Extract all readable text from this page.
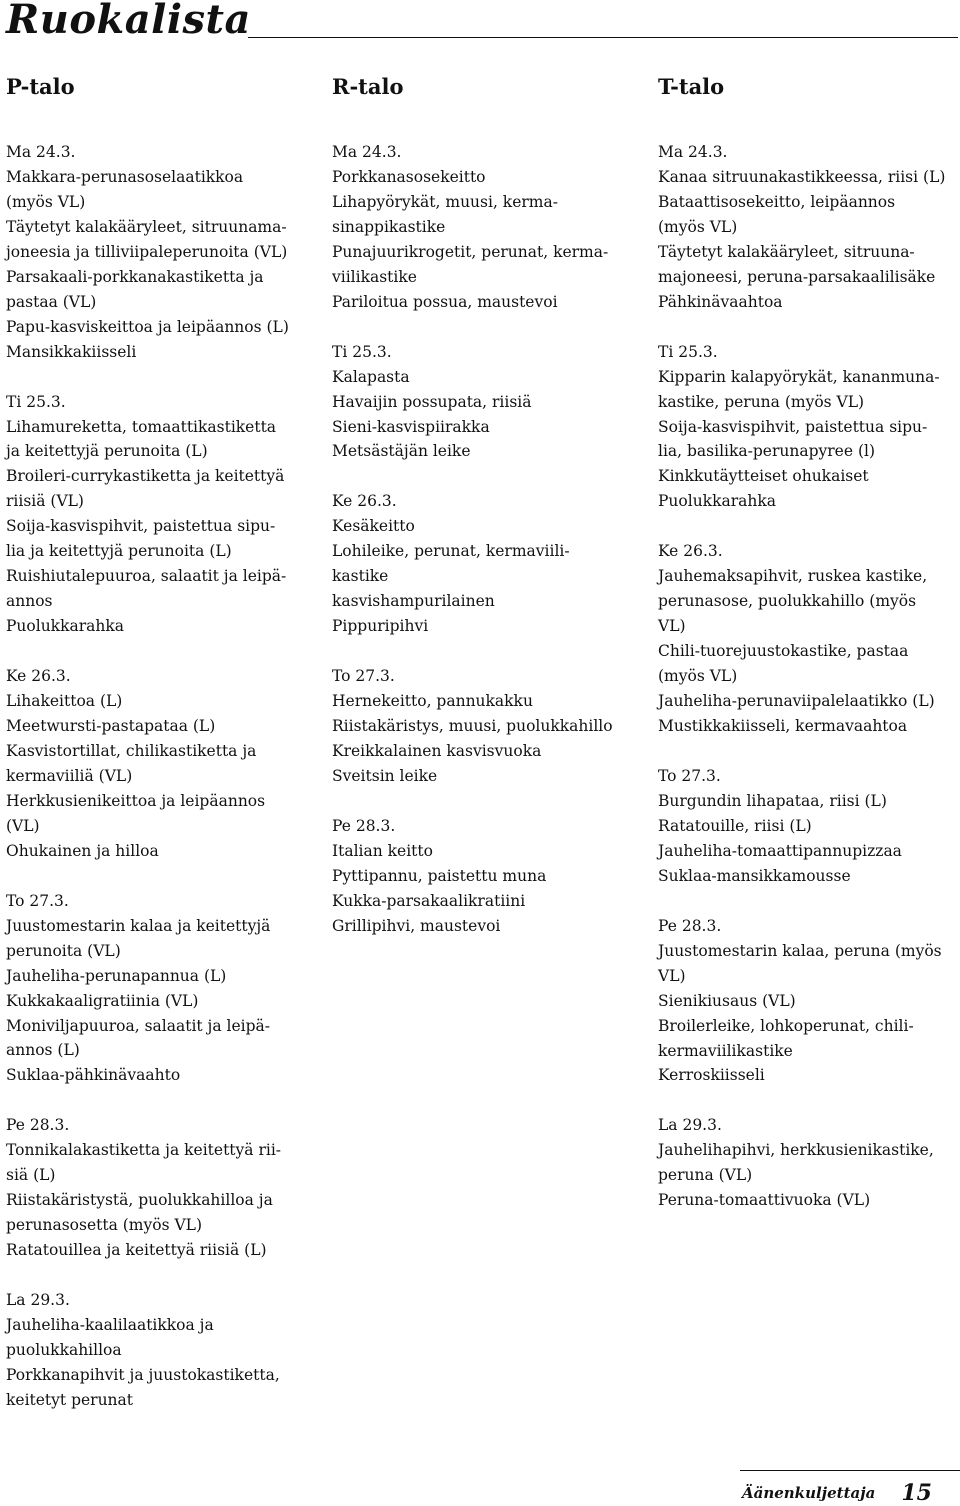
Ruokalista
P-talo	R-talo	T-talo

Ma 24.3.

Makkara-perunasoselaatikkoa

(myös VL)

Täytetyt kalakääryleet, sitruunama-

joneesia ja tilliviipaleperunoita (VL)

Parsakaali-porkkanakastiketta ja

pastaa (VL)

Papu-kasviskeittoa ja leipäannos (L)

Mansikkakiisseli

Ti 25.3.

Lihamureketta, tomaattikastiketta

ja keitettyjä perunoita (L)

Broileri-currykastiketta ja keitettyä

riisiä (VL)

Soija-kasvispihvit, paistettua sipu-

lia ja keitettyjä perunoita (L)

Ruishiutalepuuroa, salaatit ja leipä-

annos

Puolukkarahka

Ke 26.3.

Lihakeittoa (L)

Meetwursti-pastapataa (L)

Kasvistortillat, chilikastiketta ja

kermaviiliä (VL)

Herkkusienikeittoa ja leipäannos

(VL)

Ohukainen ja hilloa

To 27.3.

Juustomestarin kalaa ja keitettyjä

perunoita (VL)

Jauheliha-perunapannua (L)

Kukkakaaligratiinia (VL)

Moniviljapuuroa, salaatit ja leipä-

annos (L)

Suklaa-pähkinävaahto

Pe 28.3.

Tonnikalakastiketta ja keitettyä rii-

siä (L)

Riistakäristystä, puolukkahilloa ja

perunasosetta (myös VL)

Ratatouillea ja keitettyä riisiä (L)

La 29.3.

Jauheliha-kaalilaatikkoa ja

puolukkahilloa

Porkkanapihvit ja juustokastiketta,

keitetyt perunat

Ma 24.3.

Porkkanasosekeitto

Lihapyörykät, muusi, kerma-

sinappikastike

Punajuurikrogetit, perunat, kerma-

viilikastike

Pariloitua possua, maustevoi

Ti 25.3.

Kalapasta

Havaijin possupata, riisiä

Sieni-kasvispiirakka

Metsästäjän leike

Ke 26.3.

Kesäkeitto

Lohileike, perunat, kermaviili-

kastike

kasvishampurilainen

Pippuripihvi

To 27.3.

Hernekeitto, pannukakku

Riistakäristys, muusi, puolukkahillo

Kreikkalainen kasvisvuoka

Sveitsin leike

Pe 28.3.

Italian keitto

Pyttipannu, paistettu muna

Kukka-parsakaalikratiini

Grillipihvi, maustevoi

Ma 24.3.

Kanaa sitruunakastikkeessa, riisi (L)

Bataattisosekeitto, leipäannos

(myös VL)

Täytetyt kalakääryleet, sitruuna-

majoneesi, peruna-parsakaalilisäke

Pähkinävaahtoa

Ti 25.3.

Kipparin kalapyörykät, kananmuna-

kastike, peruna (myös VL)

Soija-kasvispihvit, paistettua sipu-

lia, basilika-perunapyree (l)

Kinkkutäytteiset ohukaiset

Puolukkarahka

Ke 26.3.

Jauhemaksapihvit, ruskea kastike,

perunasose, puolukkahillo (myös

VL)

Chili-tuorejuustokastike, pastaa

(myös VL)

Jauheliha-perunaviipalelaatikko (L)

Mustikkakiisseli, kermavaahtoa

To 27.3.

Burgundin lihapataa, riisi (L)

Ratatouille, riisi (L)

Jauheliha-tomaattipannupizzaa

Suklaa-mansikkamousse

Pe 28.3.

Juustomestarin kalaa, peruna (myös

VL)

Sienikiusaus (VL)

Broilerleike, lohkoperunat, chili-

kermaviilikastike

Kerroskiisseli

La 29.3.

Jauhelihapihvi, herkkusienikastike,

peruna (VL)

Peruna-tomaattivuoka (VL)

Äänenkuljettaja 15
